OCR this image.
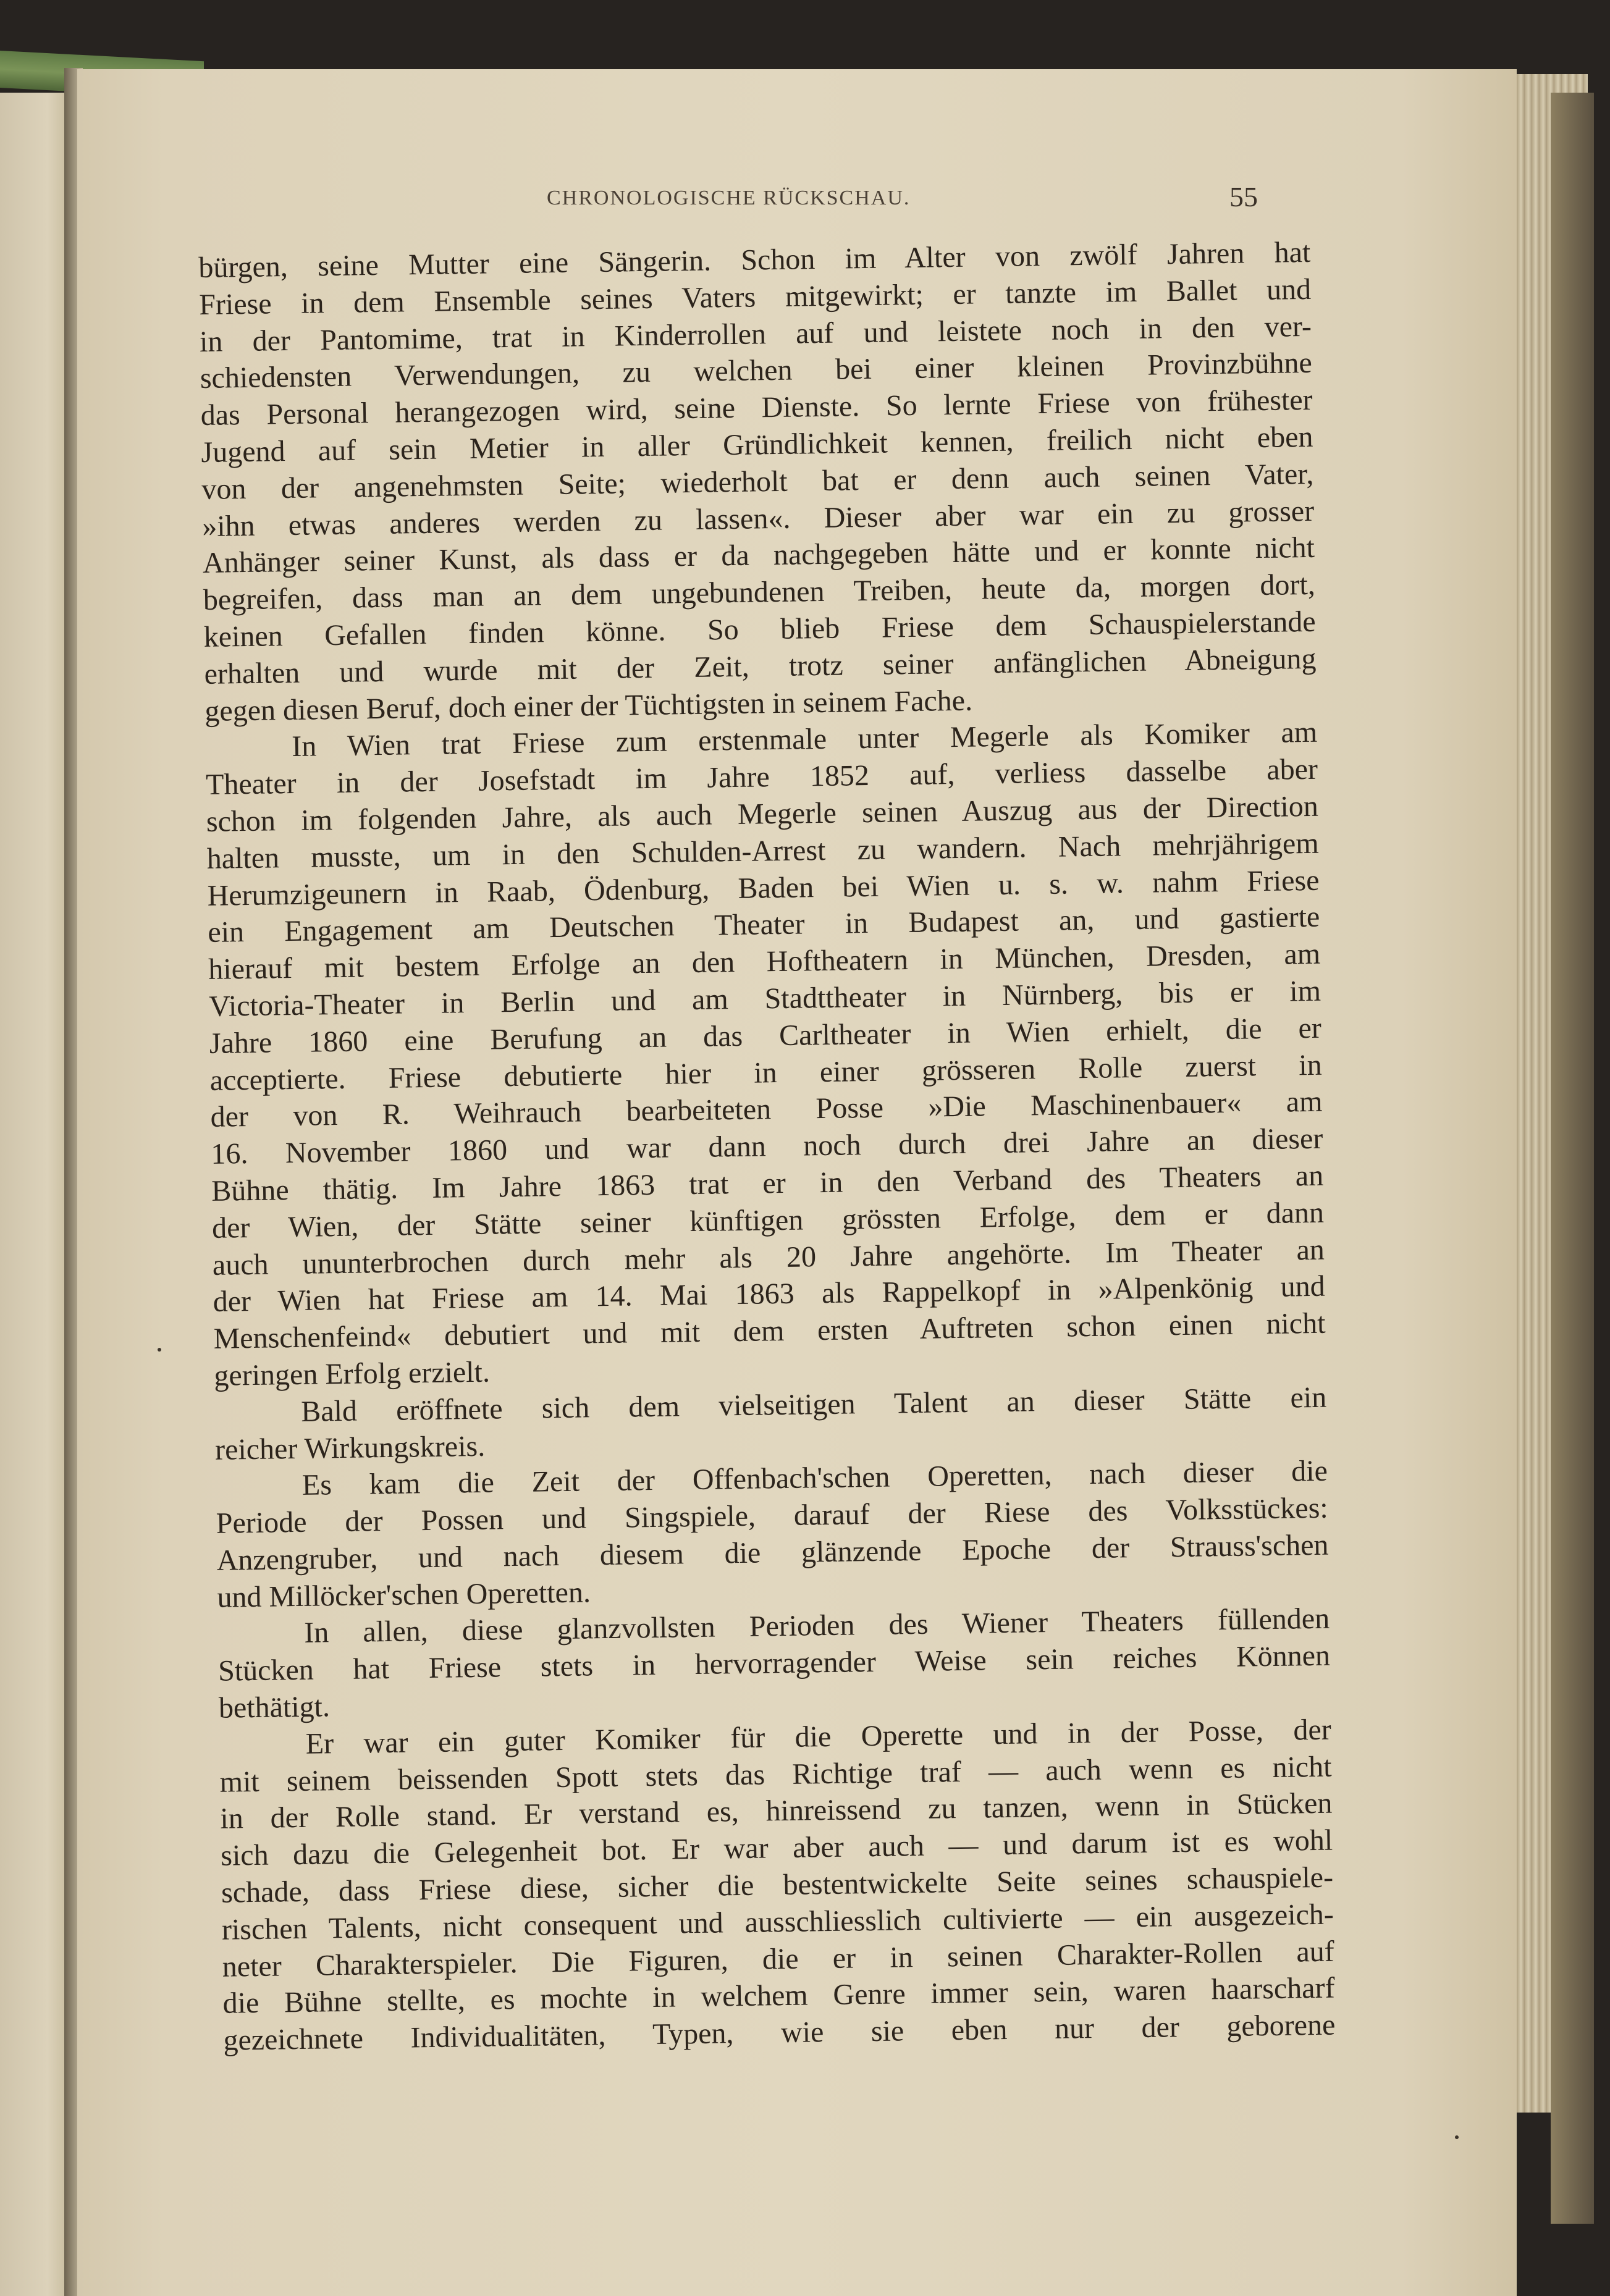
CHRONOLOGISCHE RÜCKSCHAU.	55
bürgen, seine Mutter eine Sängerin. Schon im Alter von zwölf Jahren hat
Friese in dem Ensemble seines Vaters mitgewirkt; er tanzte im Ballet und
in der Pantomime, trat in Kinderrollen auf und leistete noch in den ver-
schiedensten Verwendungen, zu welchen bei einer kleinen Provinzbühne
das Personal herangezogen wird, seine Dienste. So lernte Friese von frühester
Jugend auf sein Metier in aller Gründlichkeit kennen, freilich nicht eben
von der angenehmsten Seite; wiederholt bat er denn auch seinen Vater,
»ihn etwas anderes werden zu lassen«. Dieser aber war ein zu grosser
Anhänger seiner Kunst, als dass er da nachgegeben hätte und er konnte nicht
begreifen, dass man an dem ungebundenen Treiben, heute da, morgen dort,
keinen Gefallen finden könne. So blieb Friese dem Schauspielerstande
erhalten und wurde mit der Zeit, trotz seiner anfänglichen Abneigung
gegen diesen Beruf, doch einer der Tüchtigsten in seinem Fache.
In Wien trat Friese zum erstenmale unter Megerle als Komiker am
Theater in der Josefstadt im Jahre 1852 auf, verliess dasselbe aber
schon im folgenden Jahre, als auch Megerle seinen Auszug aus der Direction
halten musste, um in den Schulden-Arrest zu wandern. Nach mehrjährigem
Herumzigeunern in Raab, Ödenburg, Baden bei Wien u. s. w. nahm Friese
ein Engagement am Deutschen Theater in Budapest an, und gastierte
hierauf mit bestem Erfolge an den Hoftheatern in München, Dresden, am
Victoria-Theater in Berlin und am Stadttheater in Nürnberg, bis er im
Jahre 1860 eine Berufung an das Carltheater in Wien erhielt, die er
acceptierte. Friese debutierte hier in einer grösseren Rolle zuerst in
der von R. Weihrauch bearbeiteten Posse »Die Maschinenbauer« am
16. November 1860 und war dann noch durch drei Jahre an dieser
Bühne thätig. Im Jahre 1863 trat er in den Verband des Theaters an
der Wien, der Stätte seiner künftigen grössten Erfolge, dem er dann
auch ununterbrochen durch mehr als 20 Jahre angehörte. Im Theater an
der Wien hat Friese am 14. Mai 1863 als Rappelkopf in »Alpenkönig und
Menschenfeind« debutiert und mit dem ersten Auftreten schon einen nicht
geringen Erfolg erzielt.
Bald eröffnete sich dem vielseitigen Talent an dieser Stätte ein
reicher Wirkungskreis.
Es kam die Zeit der Offenbach'schen Operetten, nach dieser die
Periode der Possen und Singspiele, darauf der Riese des Volksstückes:
Anzengruber, und nach diesem die glänzende Epoche der Strauss'schen
und Millöcker'schen Operetten.
In allen, diese glanzvollsten Perioden des Wiener Theaters füllenden
Stücken hat Friese stets in hervorragender Weise sein reiches Können
bethätigt.
Er war ein guter Komiker für die Operette und in der Posse, der
mit seinem beissenden Spott stets das Richtige traf — auch wenn es nicht
in der Rolle stand. Er verstand es, hinreissend zu tanzen, wenn in Stücken
sich dazu die Gelegenheit bot. Er war aber auch — und darum ist es wohl
schade, dass Friese diese, sicher die bestentwickelte Seite seines schauspiele-
rischen Talents, nicht consequent und ausschliesslich cultivierte — ein ausgezeich-
neter Charakterspieler. Die Figuren, die er in seinen Charakter-Rollen auf
die Bühne stellte, es mochte in welchem Genre immer sein, waren haarscharf
gezeichnete Individualitäten, Typen, wie sie eben nur der geborene
